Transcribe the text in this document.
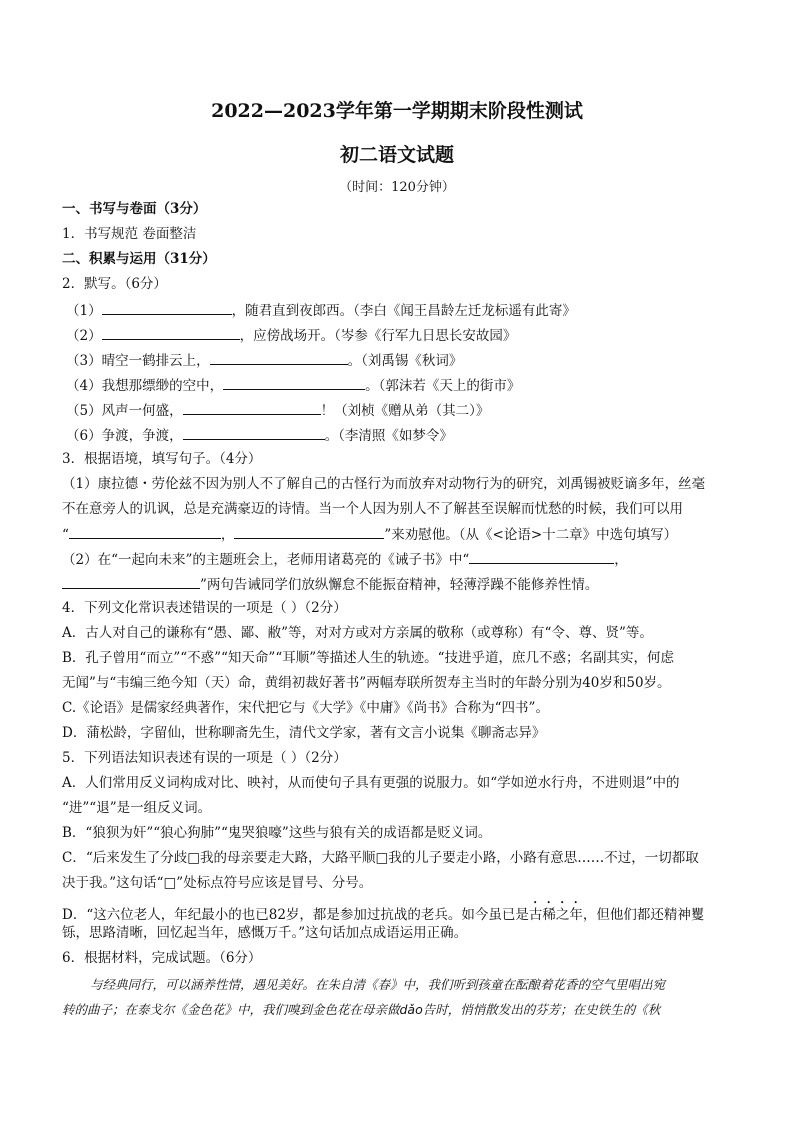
2022—2023学年第一学期期末阶段性测试
初二语文试题
（时间：120分钟）
一、书写与卷面（3分）
1．书写规范 卷面整洁
二、积累与运用（31分）
2．默写。（6分）
（1）	，随君直到夜郎西。（李白《闻王昌龄左迁龙标遥有此寄》
（2）	，应傍战场开。（岑参《行军九日思长安故园》
（3）晴空一鹤排云上，	。（刘禹锡《秋词》
（4）我想那缥缈的空中，	。（郭沫若《天上的街市》
（5）风声一何盛，	！（刘桢《赠从弟（其二）》
（6）争渡，争渡，	。（李清照《如梦令》
3．根据语境，填写句子。（4分）
（1）康拉德・劳伦兹不因为别人不了解自己的古怪行为而放弃对动物行为的研究，刘禹锡被贬谪多年，丝毫
不在意旁人的讥讽，总是充满豪迈的诗情。当一个人因为别人不了解甚至误解而忧愁的时候，我们可以用
“	，	”来劝慰他。（从《<论语>十二章》中选句填写）
（2）在“一起向未来”的主题班会上，老师用诸葛亮的《诫子书》中“	，
”两句告诫同学们放纵懈怠不能振奋精神，轻薄浮躁不能修养性情。
4．下列文化常识表述错误的一项是（ ）（2分）
A．古人对自己的谦称有“愚、鄙、敝”等，对对方或对方亲属的敬称（或尊称）有“令、尊、贤”等。
B．孔子曾用“而立”“不惑”“知天命”“耳顺”等描述人生的轨迹。“技进乎道，庶几不惑；名副其实，何虑
无闻”与“韦编三绝今知（天）命，黄绢初裁好著书”两幅寿联所贺寿主当时的年龄分别为40岁和50岁。
C.《论语》是儒家经典著作，宋代把它与《大学》《中庸》《尚书》合称为“四书”。
D．蒲松龄，字留仙，世称聊斋先生，清代文学家，著有文言小说集《聊斋志异》
5．下列语法知识表述有误的一项是（ ）（2分）
A．人们常用反义词构成对比、映衬，从而使句子具有更强的说服力。如“学如逆水行舟，不进则退”中的
“进”“退”是一组反义词。
B．“狼狈为奸”“狼心狗肺”“鬼哭狼嚎”这些与狼有关的成语都是贬义词。
C．“后来发生了分歧□我的母亲要走大路，大路平顺□我的儿子要走小路，小路有意思……不过，一切都取
决于我。”这句话“□”处标点符号应该是冒号、分号。
D．“这六位老人，年纪最小的也已82岁，都是参加过抗战的老兵。如今虽已是古稀之年，但他们都还精神矍
铄，思路清晰，回忆起当年，感慨万千。”这句话加点成语运用正确。
6．根据材料，完成试题。（6分）
与经典同行，可以涵养性情，遇见美好。在朱自清《春》中，我们听到孩童在酝酿着花香的空气里唱出宛
转的曲子；在泰戈尔《金色花》中，我们嗅到金色花在母亲做dǎo告时，悄悄散发出的芬芳；在史铁生的《秋
